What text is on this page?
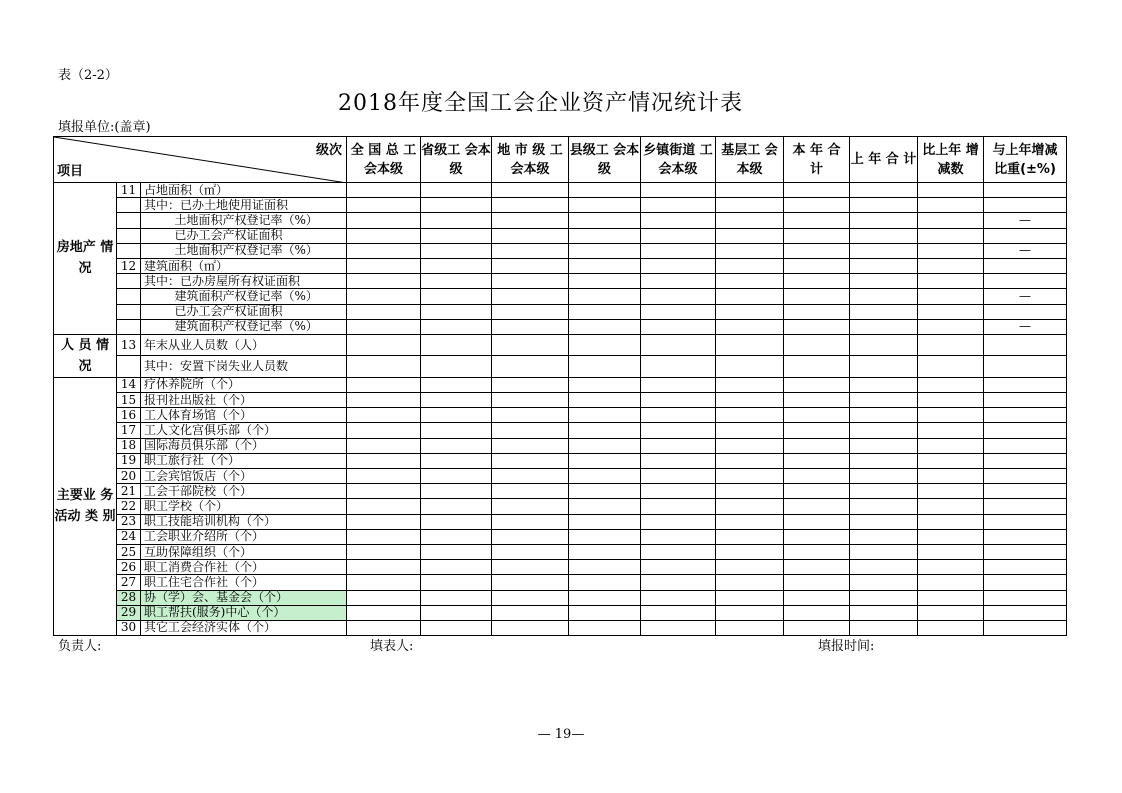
表（2-2）
2018年度全国工会企业资产情况统计表
填报单位:(盖章)
级次
项目			全 国 总 工会本级	省级工 会本级	地 市 级 工会本级	县级工 会本级	乡镇街道 工会本级	基层工 会本级	本 年 合 计	上 年 合 计	比上年 增减数	与上年增减 比重(±%)
房地产 情 况	11	占地面积（㎡）										
		其中：已办土地使用证面积										
		土地面积产权登记率（%）										—
		已办工会产权证面积										
		土地面积产权登记率（%）										—
	12	建筑面积（㎡）										
		其中：已办房屋所有权证面积										
		建筑面积产权登记率（%）										—
		已办工会产权证面积										
		建筑面积产权登记率（%）										—
人 员 情 况	13	年末从业人员数（人）										
		其中：安置下岗失业人员数										
主要业 务活动 类 别	14	疗休养院所（个）										
	15	报刊社出版社（个）										
	16	工人体育场馆（个）										
	17	工人文化宫俱乐部（个）										
	18	国际海员俱乐部（个）										
	19	职工旅行社（个）										
	20	工会宾馆饭店（个）										
	21	工会干部院校（个）										
	22	职工学校（个）										
	23	职工技能培训机构（个）										
	24	工会职业介绍所（个）										
	25	互助保障组织（个）										
	26	职工消费合作社（个）										
	27	职工住宅合作社（个）										
	28	协（学）会、基金会（个）										
	29	职工帮扶(服务)中心（个）										
	30	其它工会经济实体（个）										
负责人:	填表人:	填报时间:
— 19—
